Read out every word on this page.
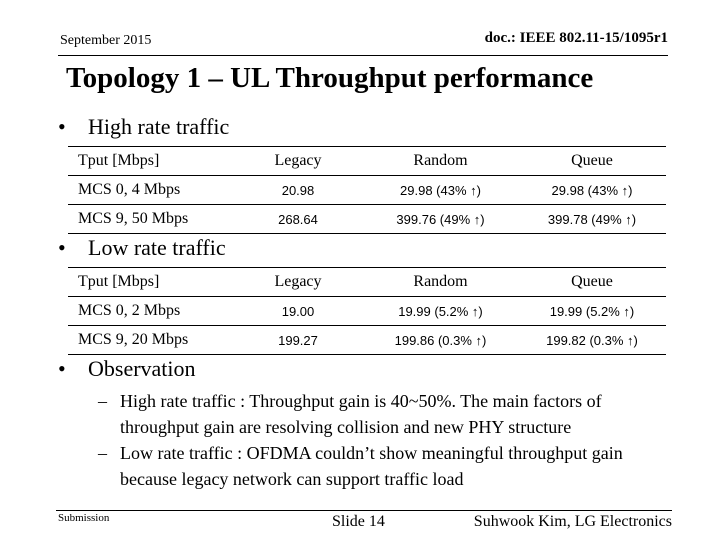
September 2015	doc.: IEEE 802.11-15/1095r1
Topology 1 – UL Throughput performance
• High rate traffic
Tput [Mbps]	Legacy	Random	Queue
MCS 0, 4 Mbps	20.98	29.98 (43% ↑)	29.98 (43% ↑)
MCS 9, 50 Mbps	268.64	399.76 (49% ↑)	399.78 (49% ↑)
• Low rate traffic
Tput [Mbps]	Legacy	Random	Queue
MCS 0, 2 Mbps	19.00	19.99 (5.2% ↑)	19.99 (5.2% ↑)
MCS 9, 20 Mbps	199.27	199.86 (0.3% ↑)	199.82 (0.3% ↑)
• Observation
– High rate traffic : Throughput gain is 40~50%. The main factors of throughput gain are resolving collision and new PHY structure
– Low rate traffic : OFDMA couldn’t show meaningful throughput gain because legacy network can support traffic load
Submission	Slide 14	Suhwook Kim, LG Electronics
